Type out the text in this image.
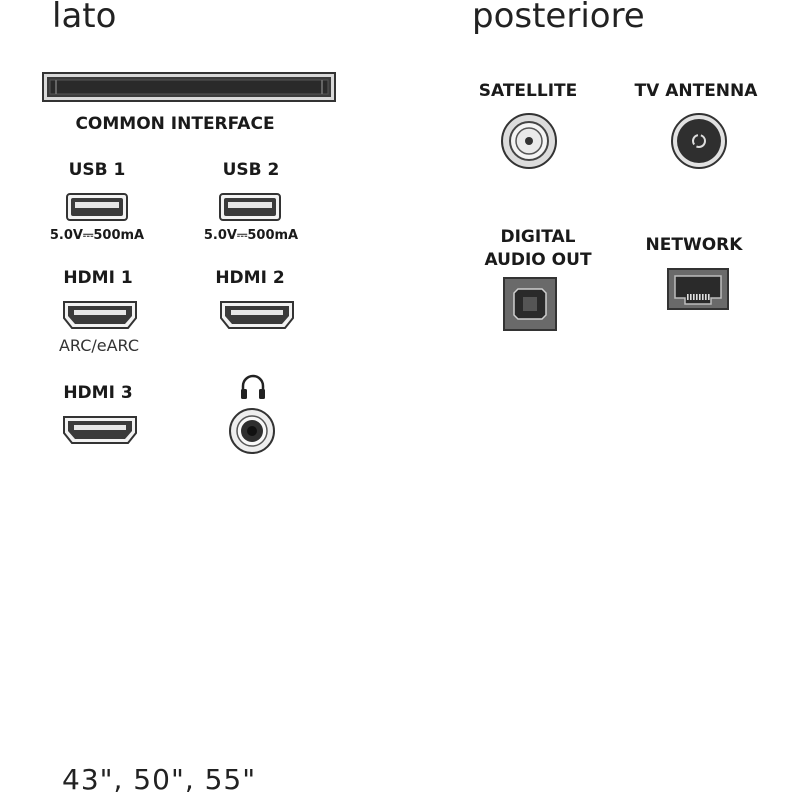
lato	posteriore
COMMON INTERFACE
USB 1
5.0V⎓500mA
USB 2
5.0V⎓500mA
HDMI 1
ARC/eARC
HDMI 2
HDMI 3
SATELLITE	TV ANTENNA
DIGITAL
AUDIO OUT
NETWORK
43", 50", 55"
